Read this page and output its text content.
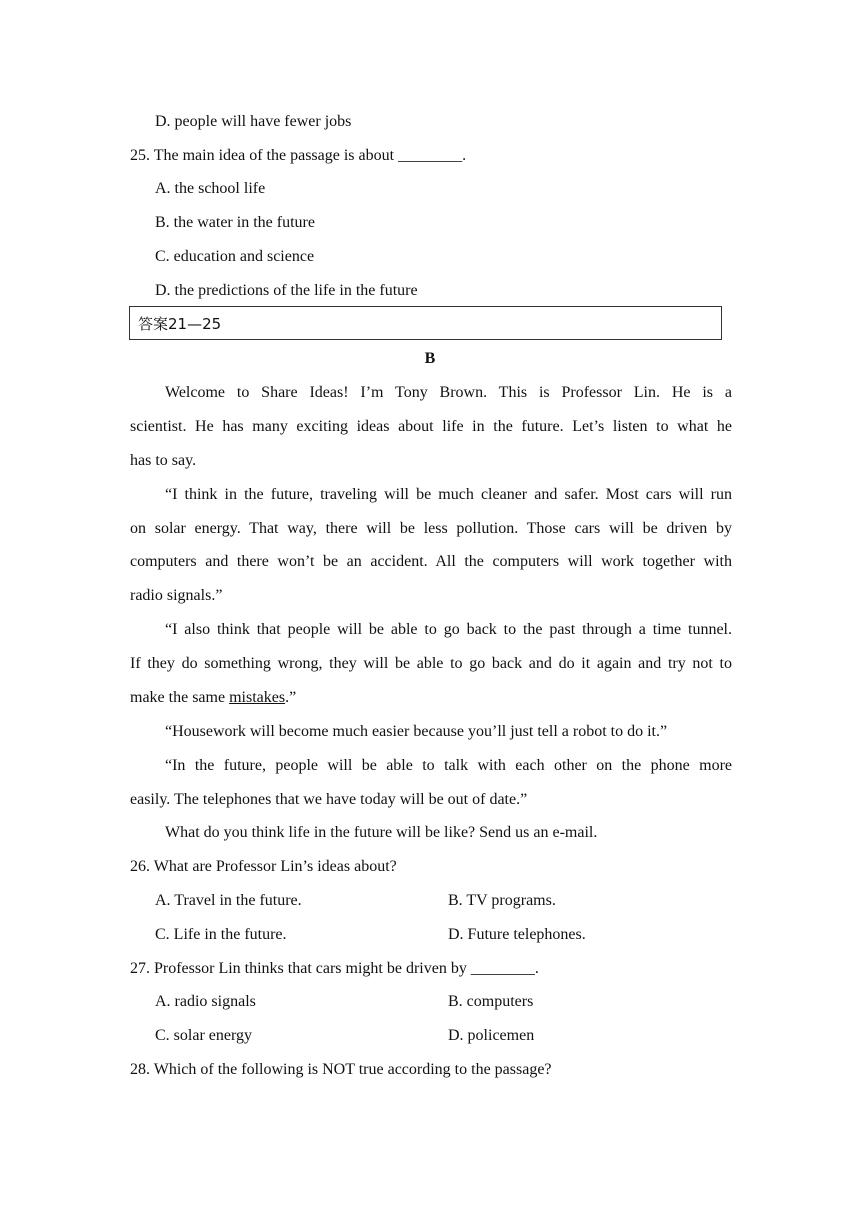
D. people will have fewer jobs
25. The main idea of the passage is about ________.
A. the school life
B. the water in the future
C. education and science
D. the predictions of the life in the future
答案21—25
B
Welcome to Share Ideas! I’m Tony Brown. This is Professor Lin. He is a
scientist. He has many exciting ideas about life in the future. Let’s listen to what he
has to say.
“I think in the future, traveling will be much cleaner and safer. Most cars will run
on solar energy. That way, there will be less pollution. Those cars will be driven by
computers and there won’t be an accident. All the computers will work together with
radio signals.”
“I also think that people will be able to go back to the past through a time tunnel.
If they do something wrong, they will be able to go back and do it again and try not to
make the same mistakes.”
“Housework will become much easier because you’ll just tell a robot to do it.”
“In the future, people will be able to talk with each other on the phone more
easily. The telephones that we have today will be out of date.”
What do you think life in the future will be like? Send us an e-mail.
26. What are Professor Lin’s ideas about?
A. Travel in the future.	B. TV programs.
C. Life in the future.	D. Future telephones.
27. Professor Lin thinks that cars might be driven by ________.
A. radio signals	B. computers
C. solar energy	D. policemen
28. Which of the following is NOT true according to the passage?
